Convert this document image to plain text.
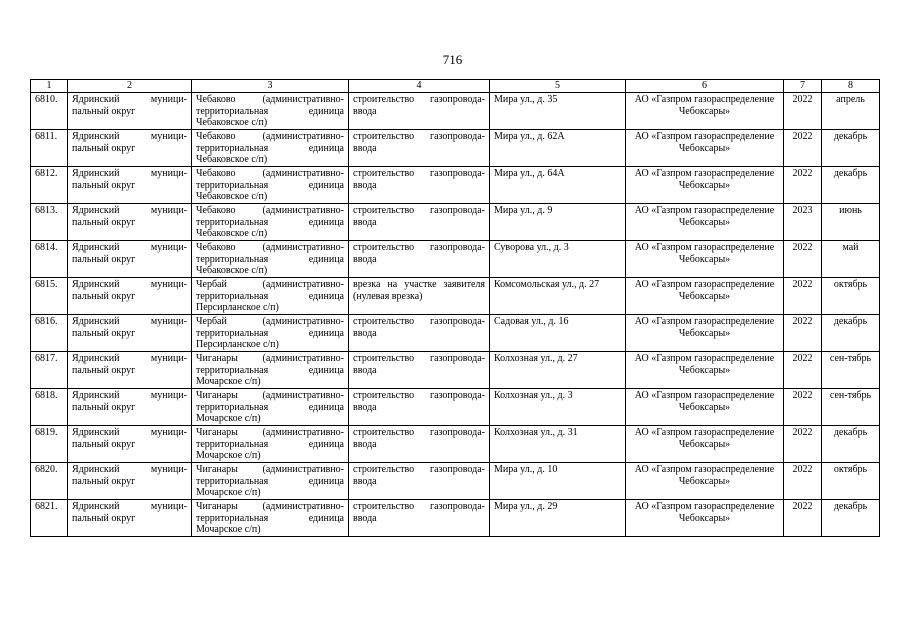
716
1	2	3	4	5	6	7	8
6810.	Ядринский муници-пальный округ	Чебаково (административно-территориальная единица Чебаковское с/п)	строительство газопровода-ввода	Мира ул., д. 35	АО «Газпром газораспределение Чебоксары»	2022	апрель
6811.	Ядринский муници-пальный округ	Чебаково (административно-территориальная единица Чебаковское с/п)	строительство газопровода-ввода	Мира ул., д. 62А	АО «Газпром газораспределение Чебоксары»	2022	декабрь
6812.	Ядринский муници-пальный округ	Чебаково (административно-территориальная единица Чебаковское с/п)	строительство газопровода-ввода	Мира ул., д. 64А	АО «Газпром газораспределение Чебоксары»	2022	декабрь
6813.	Ядринский муници-пальный округ	Чебаково (административно-территориальная единица Чебаковское с/п)	строительство газопровода-ввода	Мира ул., д. 9	АО «Газпром газораспределение Чебоксары»	2023	июнь
6814.	Ядринский муници-пальный округ	Чебаково (административно-территориальная единица Чебаковское с/п)	строительство газопровода-ввода	Суворова ул., д. 3	АО «Газпром газораспределение Чебоксары»	2022	май
6815.	Ядринский муници-пальный округ	Чербай (административно-территориальная единица Персирланское с/п)	врезка на участке заявителя (нулевая врезка)	Комсомольская ул., д. 27	АО «Газпром газораспределение Чебоксары»	2022	октябрь
6816.	Ядринский муници-пальный округ	Чербай (административно-территориальная единица Персирланское с/п)	строительство газопровода-ввода	Садовая ул., д. 16	АО «Газпром газораспределение Чебоксары»	2022	декабрь
6817.	Ядринский муници-пальный округ	Чиганары (административно-территориальная единица Мочарское с/п)	строительство газопровода-ввода	Колхозная ул., д. 27	АО «Газпром газораспределение Чебоксары»	2022	сен-тябрь
6818.	Ядринский муници-пальный округ	Чиганары (административно-территориальная единица Мочарское с/п)	строительство газопровода-ввода	Колхозная ул., д. 3	АО «Газпром газораспределение Чебоксары»	2022	сен-тябрь
6819.	Ядринский муници-пальный округ	Чиганары (административно-территориальная единица Мочарское с/п)	строительство газопровода-ввода	Колхозная ул., д. 31	АО «Газпром газораспределение Чебоксары»	2022	декабрь
6820.	Ядринский муници-пальный округ	Чиганары (административно-территориальная единица Мочарское с/п)	строительство газопровода-ввода	Мира ул., д. 10	АО «Газпром газораспределение Чебоксары»	2022	октябрь
6821.	Ядринский муници-пальный округ	Чиганары (административно-территориальная единица Мочарское с/п)	строительство газопровода-ввода	Мира ул., д. 29	АО «Газпром газораспределение Чебоксары»	2022	декабрь
